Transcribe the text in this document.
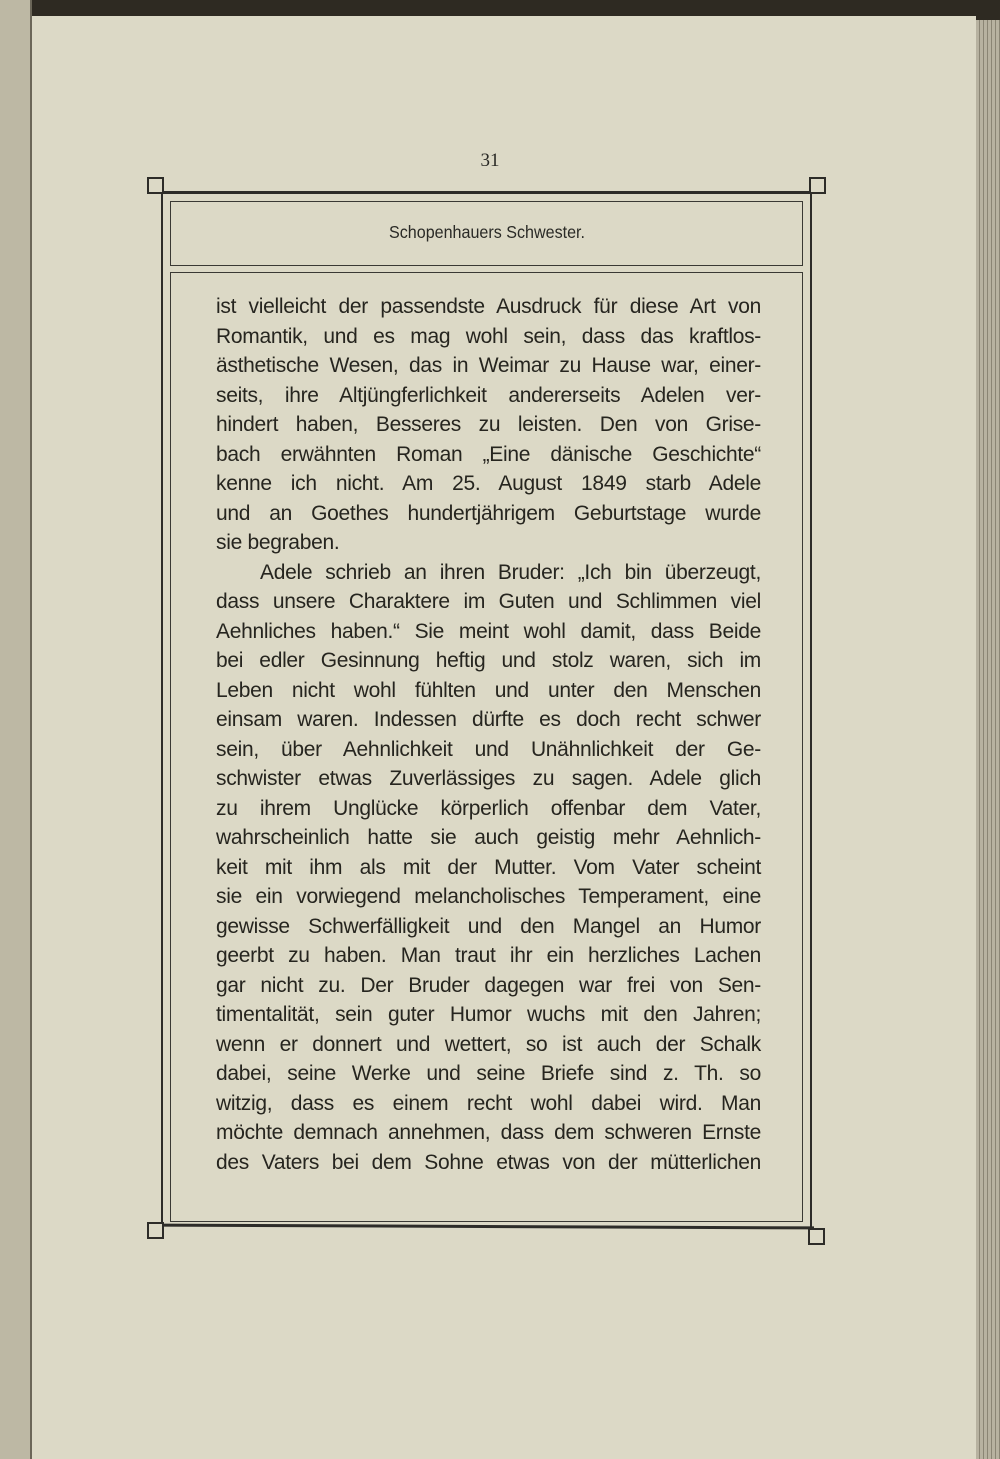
31
Schopenhauers Schwester.
ist vielleicht der passendste Ausdruck für diese Art von
Romantik, und es mag wohl sein, dass das kraftlos-
ästhetische Wesen, das in Weimar zu Hause war, einer-
seits, ihre Altjüngferlichkeit andererseits Adelen ver-
hindert haben, Besseres zu leisten. Den von Grise-
bach erwähnten Roman „Eine dänische Geschichte“
kenne ich nicht. Am 25. August 1849 starb Adele
und an Goethes hundertjährigem Geburtstage wurde
sie begraben.
Adele schrieb an ihren Bruder: „Ich bin überzeugt,
dass unsere Charaktere im Guten und Schlimmen viel
Aehnliches haben.“ Sie meint wohl damit, dass Beide
bei edler Gesinnung heftig und stolz waren, sich im
Leben nicht wohl fühlten und unter den Menschen
einsam waren. Indessen dürfte es doch recht schwer
sein, über Aehnlichkeit und Unähnlichkeit der Ge-
schwister etwas Zuverlässiges zu sagen. Adele glich
zu ihrem Unglücke körperlich offenbar dem Vater,
wahrscheinlich hatte sie auch geistig mehr Aehnlich-
keit mit ihm als mit der Mutter. Vom Vater scheint
sie ein vorwiegend melancholisches Temperament, eine
gewisse Schwerfälligkeit und den Mangel an Humor
geerbt zu haben. Man traut ihr ein herzliches Lachen
gar nicht zu. Der Bruder dagegen war frei von Sen-
timentalität, sein guter Humor wuchs mit den Jahren;
wenn er donnert und wettert, so ist auch der Schalk
dabei, seine Werke und seine Briefe sind z. Th. so
witzig, dass es einem recht wohl dabei wird. Man
möchte demnach annehmen, dass dem schweren Ernste
des Vaters bei dem Sohne etwas von der mütterlichen
